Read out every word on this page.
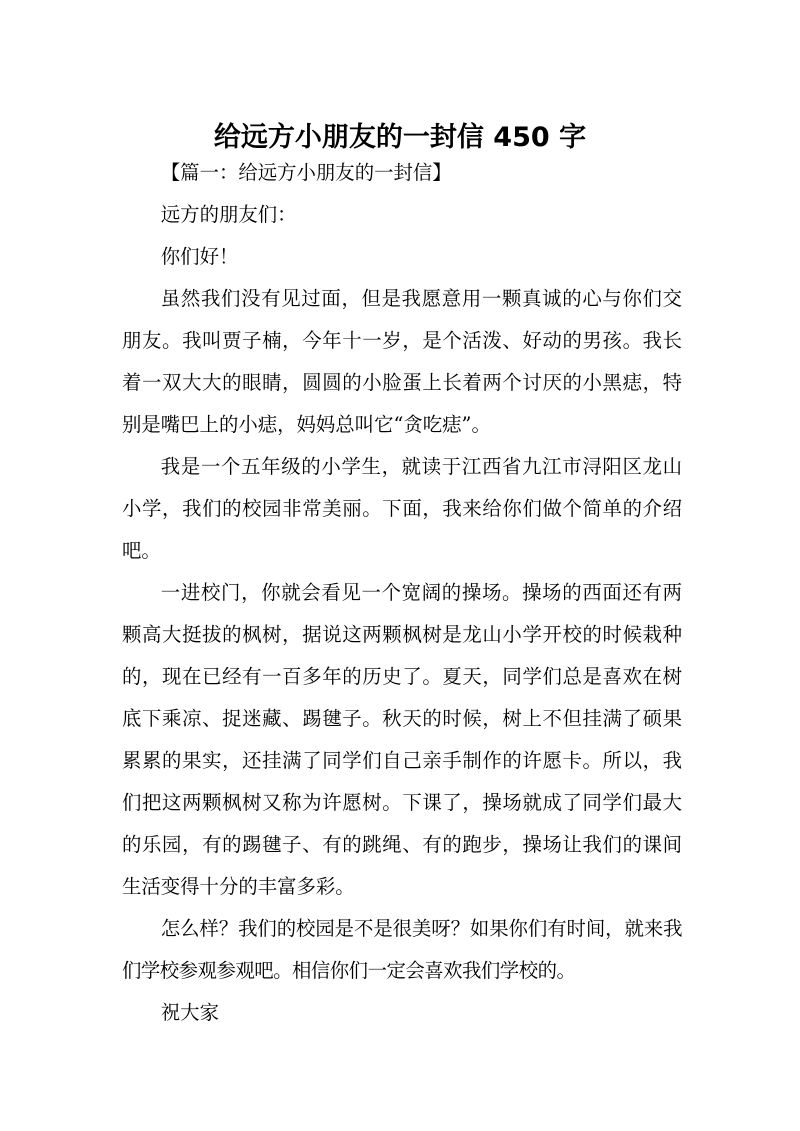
给远方小朋友的一封信 450 字

【篇一：给远方小朋友的一封信】

远方的朋友们：

你们好！

虽然我们没有见过面，但是我愿意用一颗真诚的心与你们交朋友。我叫贾子楠，今年十一岁，是个活泼、好动的男孩。我长着一双大大的眼睛，圆圆的小脸蛋上长着两个讨厌的小黑痣，特别是嘴巴上的小痣，妈妈总叫它“贪吃痣”。

我是一个五年级的小学生，就读于江西省九江市浔阳区龙山小学，我们的校园非常美丽。下面，我来给你们做个简单的介绍吧。

一进校门，你就会看见一个宽阔的操场。操场的西面还有两颗高大挺拔的枫树，据说这两颗枫树是龙山小学开校的时候栽种的，现在已经有一百多年的历史了。夏天，同学们总是喜欢在树底下乘凉、捉迷藏、踢毽子。秋天的时候，树上不但挂满了硕果累累的果实，还挂满了同学们自己亲手制作的许愿卡。所以，我们把这两颗枫树又称为许愿树。下课了，操场就成了同学们最大的乐园，有的踢毽子、有的跳绳、有的跑步，操场让我们的课间生活变得十分的丰富多彩。

怎么样？我们的校园是不是很美呀？如果你们有时间，就来我们学校参观参观吧。相信你们一定会喜欢我们学校的。

祝大家
